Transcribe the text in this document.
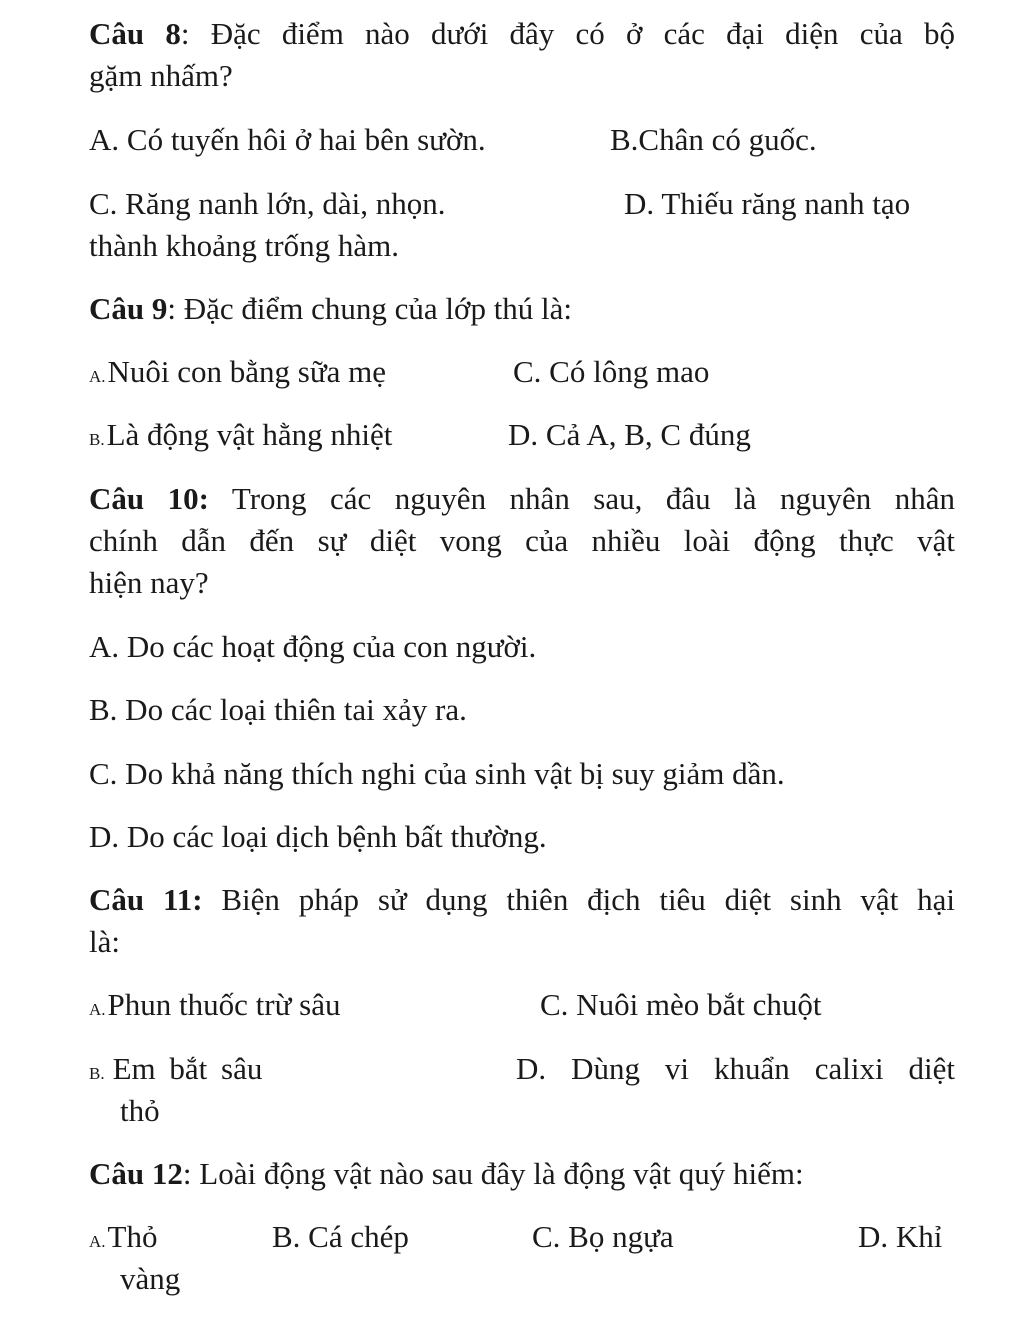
Câu 8: Đặc điểm nào dưới đây có ở các đại diện của bộ
gặm nhấm?
A. Có tuyến hôi ở hai bên sườn.	B.Chân có guốc.
C. Răng nanh lớn, dài, nhọn.	D. Thiếu răng nanh tạo
thành khoảng trống hàm.
Câu 9: Đặc điểm chung của lớp thú là:
A.Nuôi con bằng sữa mẹ	C. Có lông mao
B.Là động vật hằng nhiệt	D. Cả A, B, C đúng
Câu 10: Trong các nguyên nhân sau, đâu là nguyên nhân
chính dẫn đến sự diệt vong của nhiều loài động thực vật
hiện nay?
A. Do các hoạt động của con người.
B. Do các loại thiên tai xảy ra.
C. Do khả năng thích nghi của sinh vật bị suy giảm dần.
D. Do các loại dịch bệnh bất thường.
Câu 11: Biện pháp sử dụng thiên địch tiêu diệt sinh vật hại
là:
A.Phun thuốc trừ sâu	C. Nuôi mèo bắt chuột
B. Em bắt sâu	D. Dùng vi khuẩn calixi diệt
thỏ
Câu 12: Loài động vật nào sau đây là động vật quý hiếm:
A.Thỏ	B. Cá chép	C. Bọ ngựa	D. Khỉ
vàng
